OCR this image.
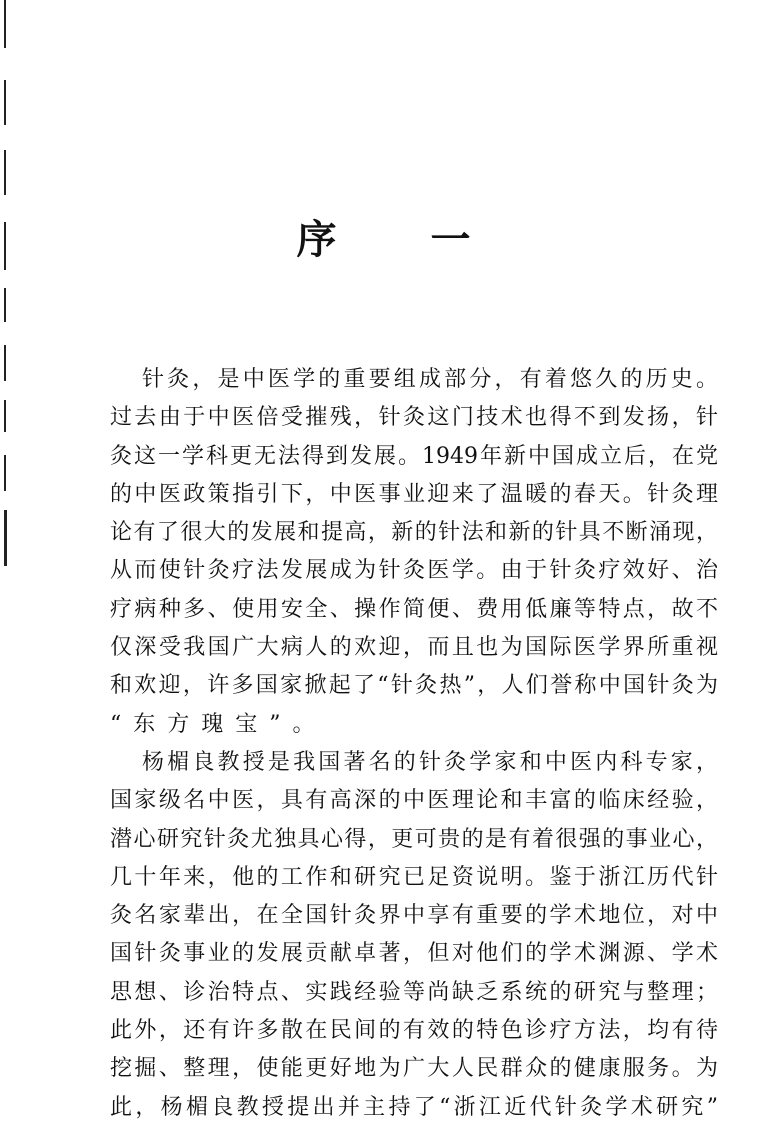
序 一
针灸，是中医学的重要组成部分，有着悠久的历史。
过去由于中医倍受摧残，针灸这门技术也得不到发扬，针
灸这一学科更无法得到发展。1949年新中国成立后，在党
的中医政策指引下，中医事业迎来了温暖的春天。针灸理
论有了很大的发展和提高，新的针法和新的针具不断涌现，
从而使针灸疗法发展成为针灸医学。由于针灸疗效好、治
疗病种多、使用安全、操作简便、费用低廉等特点，故不
仅深受我国广大病人的欢迎，而且也为国际医学界所重视
和欢迎，许多国家掀起了“针灸热”，人们誉称中国针灸为
“东方瑰宝”。
杨楣良教授是我国著名的针灸学家和中医内科专家，
国家级名中医，具有高深的中医理论和丰富的临床经验，
潜心研究针灸尤独具心得，更可贵的是有着很强的事业心，
几十年来，他的工作和研究已足资说明。鉴于浙江历代针
灸名家辈出，在全国针灸界中享有重要的学术地位，对中
国针灸事业的发展贡献卓著，但对他们的学术渊源、学术
思想、诊治特点、实践经验等尚缺乏系统的研究与整理；
此外，还有许多散在民间的有效的特色诊疗方法，均有待
挖掘、整理，使能更好地为广大人民群众的健康服务。为
此，杨楣良教授提出并主持了“浙江近代针灸学术研究”
